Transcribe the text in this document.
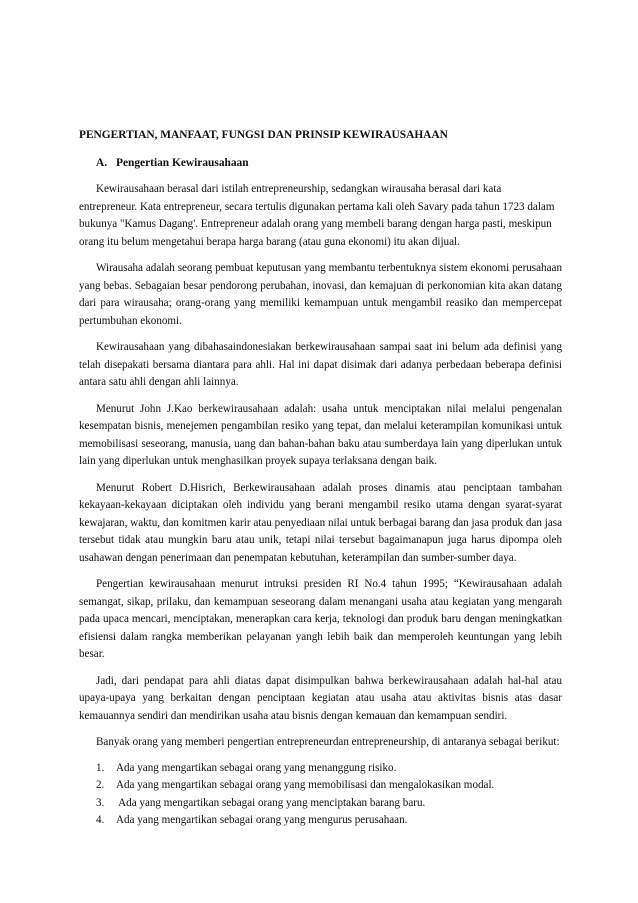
PENGERTIAN, MANFAAT, FUNGSI DAN PRINSIP KEWIRAUSAHAAN
A. Pengertian Kewirausahaan

Kewirausahaan berasal dari istilah entrepreneurship, sedangkan wirausaha berasal dari kata entrepreneur. Kata entrepreneur, secara tertulis digunakan pertama kali oleh Savary pada tahun 1723 dalam bukunya "Kamus Dagang'. Entrepreneur adalah orang yang membeli barang dengan harga pasti, meskipun orang itu belum mengetahui berapa harga barang (atau guna ekonomi) itu akan dijual.

Wirausaha adalah seorang pembuat keputusan yang membantu terbentuknya sistem ekonomi perusahaan yang bebas. Sebagaian besar pendorong perubahan, inovasi, dan kemajuan di perkonomian kita akan datang dari para wirausaha; orang-orang yang memiliki kemampuan untuk mengambil reasiko dan mempercepat pertumbuhan ekonomi.

Kewirausahaan yang dibahasaindonesiakan berkewirausahaan sampai saat ini belum ada definisi yang telah disepakati bersama diantara para ahli. Hal ini dapat disimak dari adanya perbedaan beberapa definisi antara satu ahli dengan ahli lainnya.

Menurut John J.Kao berkewirausahaan adalah: usaha untuk menciptakan nilai melalui pengenalan kesempatan bisnis, menejemen pengambilan resiko yang tepat, dan melalui keterampilan komunikasi untuk memobilisasi seseorang, manusia, uang dan bahan-bahan baku atau sumberdaya lain yang diperlukan untuk lain yang diperlukan untuk menghasilkan proyek supaya terlaksana dengan baik.

Menurut Robert D.Hisrich, Berkewirausahaan adalah proses dinamis atau penciptaan tambahan kekayaan-kekayaan diciptakan oleh individu yang berani mengambil resiko utama dengan syarat-syarat kewajaran, waktu, dan komitmen karir atau penyediaan nilai untuk berbagai barang dan jasa produk dan jasa tersebut tidak atau mungkin baru atau unik, tetapi nilai tersebut bagaimanapun juga harus dipompa oleh usahawan dengan penerimaan dan penempatan kebutuhan, keterampilan dan sumber-sumber daya.

Pengertian kewirausahaan menurut intruksi presiden RI No.4 tahun 1995; “Kewirausahaan adalah semangat, sikap, prilaku, dan kemampuan seseorang dalam menangani usaha atau kegiatan yang mengarah pada upaca mencari, menciptakan, menerapkan cara kerja, teknologi dan produk baru dengan meningkatkan efisiensi dalam rangka memberikan pelayanan yangh lebih baik dan memperoleh keuntungan yang lebih besar.

Jadi, dari pendapat para ahli diatas dapat disimpulkan bahwa berkewirausahaan adalah hal-hal atau upaya-upaya yang berkaitan dengan penciptaan kegiatan atau usaha atau aktivitas bisnis atas dasar kemauannya sendiri dan mendirikan usaha atau bisnis dengan kemauan dan kemampuan sendiri.

Banyak orang yang memberi pengertian entrepreneurdan entrepreneurship, di antaranya sebagai berikut:

1.	Ada yang mengartikan sebagai orang yang menanggung risiko.
2.	Ada yang mengartikan sebagai orang yang memobilisasi dan mengalokasikan modal.
3.	Ada yang mengartikan sebagai orang yang menciptakan barang baru.
4.	Ada yang mengartikan sebagai orang yang mengurus perusahaan.
